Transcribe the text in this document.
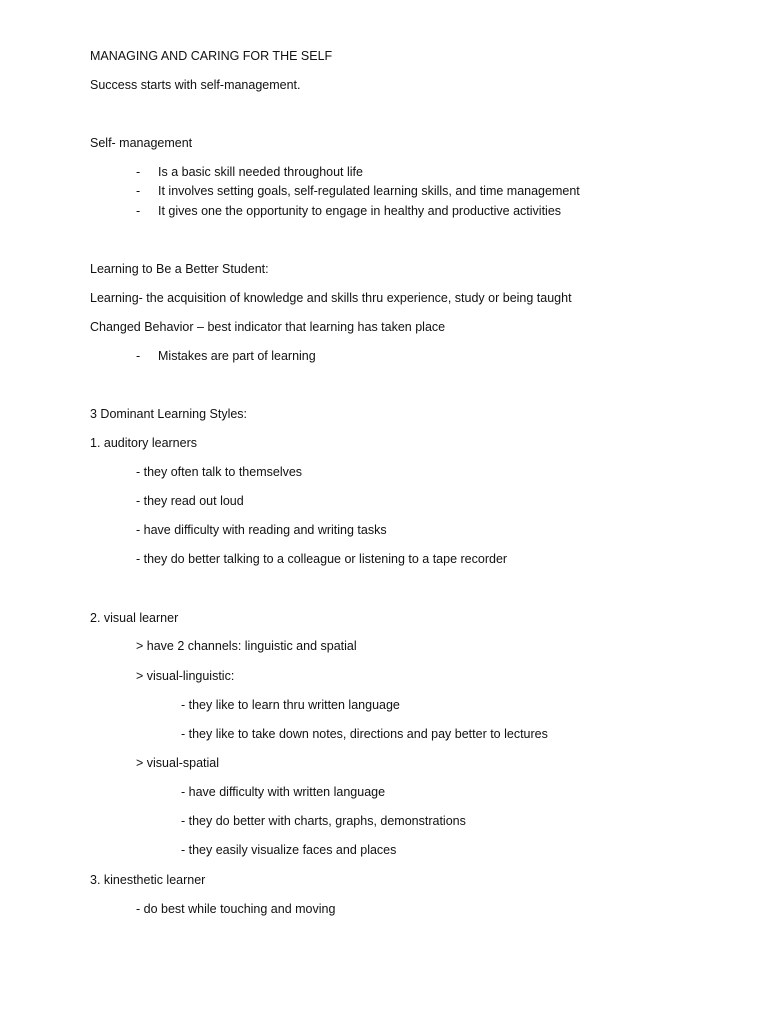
MANAGING AND CARING FOR THE SELF
Success starts with self-management.
Self- management
- Is a basic skill needed throughout life
- It involves setting goals, self-regulated learning skills, and time management
- It gives one the opportunity to engage in healthy and productive activities
Learning to Be a Better Student:
Learning- the acquisition of knowledge and skills thru experience, study or being taught
Changed Behavior – best indicator that learning has taken place
- Mistakes are part of learning
3 Dominant Learning Styles:
1. auditory learners
- they often talk to themselves
- they read out loud
- have difficulty with reading and writing tasks
- they do better talking to a colleague or listening to a tape recorder
2. visual learner
> have 2 channels: linguistic and spatial
> visual-linguistic:
- they like to learn thru written language
- they like to take down notes, directions and pay better to lectures
> visual-spatial
- have difficulty with written language
- they do better with charts, graphs, demonstrations
- they easily visualize faces and places
3. kinesthetic learner
- do best while touching and moving
